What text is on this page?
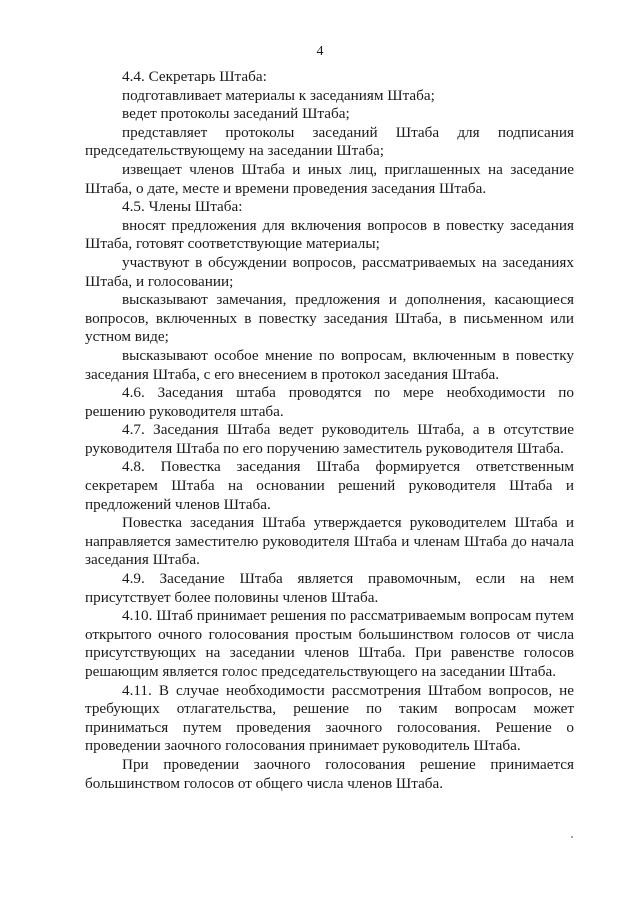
4

4.4. Секретарь Штаба:

подготавливает материалы к заседаниям Штаба;

ведет протоколы заседаний Штаба;

представляет протоколы заседаний Штаба для подписания председательствующему на заседании Штаба;

извещает членов Штаба и иных лиц, приглашенных на заседание Штаба, о дате, месте и времени проведения заседания Штаба.

4.5. Члены Штаба:

вносят предложения для включения вопросов в повестку заседания Штаба, готовят соответствующие материалы;

участвуют в обсуждении вопросов, рассматриваемых на заседаниях Штаба, и голосовании;

высказывают замечания, предложения и дополнения, касающиеся вопросов, включенных в повестку заседания Штаба, в письменном или устном виде;

высказывают особое мнение по вопросам, включенным в повестку заседания Штаба, с его внесением в протокол заседания Штаба.

4.6. Заседания штаба проводятся по мере необходимости по решению руководителя штаба.

4.7. Заседания Штаба ведет руководитель Штаба, а в отсутствие руководителя Штаба по его поручению заместитель руководителя Штаба.

4.8. Повестка заседания Штаба формируется ответственным секретарем Штаба на основании решений руководителя Штаба и предложений членов Штаба.

Повестка заседания Штаба утверждается руководителем Штаба и направляется заместителю руководителя Штаба и членам Штаба до начала заседания Штаба.

4.9. Заседание Штаба является правомочным, если на нем присутствует более половины членов Штаба.

4.10. Штаб принимает решения по рассматриваемым вопросам путем открытого очного голосования простым большинством голосов от числа присутствующих на заседании членов Штаба. При равенстве голосов решающим является голос председательствующего на заседании Штаба.

4.11. В случае необходимости рассмотрения Штабом вопросов, не требующих отлагательства, решение по таким вопросам может приниматься путем проведения заочного голосования. Решение о проведении заочного голосования принимает руководитель Штаба.

При проведении заочного голосования решение принимается большинством голосов от общего числа членов Штаба.
